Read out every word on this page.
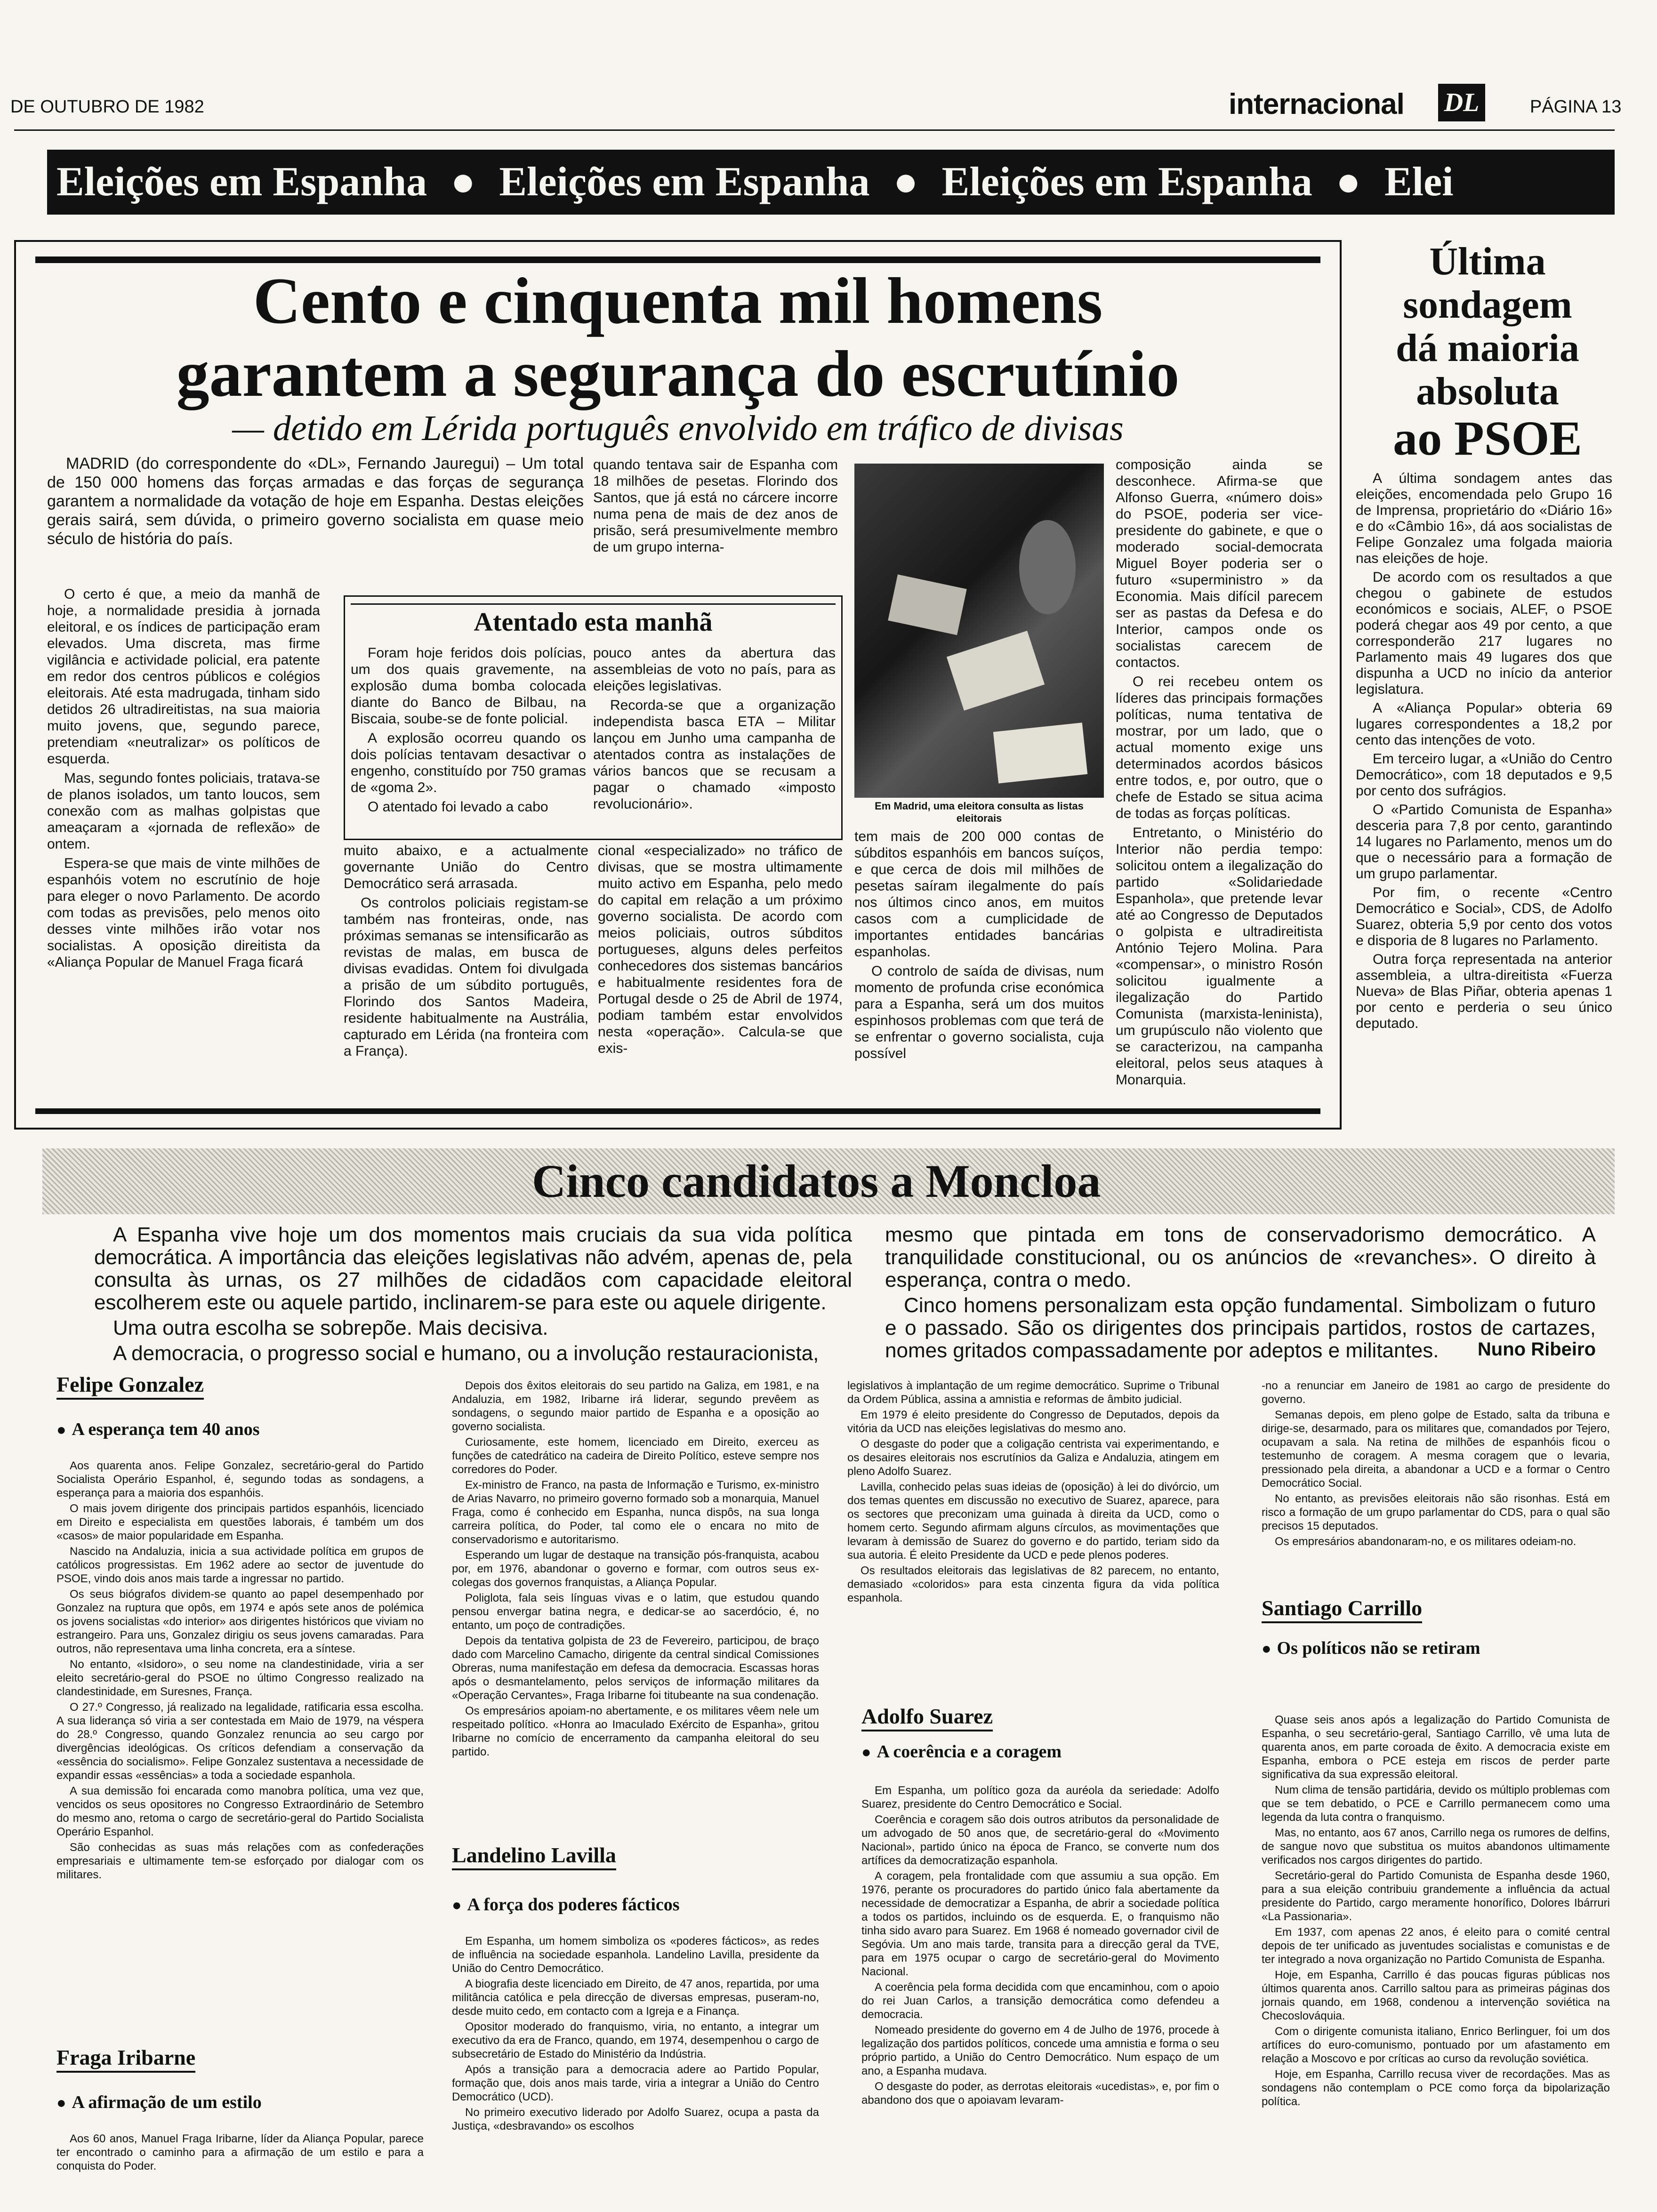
DE OUTUBRO DE 1982	internacional DL	PÁGINA 13
Eleições em Espanha ● Eleições em Espanha ● Eleições em Espanha ● Elei
Cento e cinquenta mil homens
garantem a segurança do escrutínio
— detido em Lérida português envolvido em tráfico de divisas

MADRID (do correspondente do «DL», Fernando Jauregui) – Um total de 150 000 homens das forças armadas e das forças de segurança garantem a normalidade da votação de hoje em Espanha. Destas eleições gerais sairá, sem dúvida, o primeiro governo socialista em quase meio século de história do país.

O certo é que, a meio da manhã de hoje, a normalidade presidia à jornada eleitoral, e os índices de participação eram elevados. Uma discreta, mas firme vigilância e actividade policial, era patente em redor dos centros públicos e colégios eleitorais. Até esta madrugada, tinham sido detidos 26 ultradireitistas, na sua maioria muito jovens, que, segundo parece, pretendiam «neutralizar» os políticos de esquerda.

Mas, segundo fontes policiais, tratava-se de planos isolados, um tanto loucos, sem conexão com as malhas golpistas que ameaçaram a «jornada de reflexão» de ontem.

Espera-se que mais de vinte milhões de espanhóis votem no escrutínio de hoje para eleger o novo Parlamento. De acordo com todas as previsões, pelo menos oito desses vinte milhões irão votar nos socialistas. A oposição direitista da «Aliança Popular de Manuel Fraga ficará

quando tentava sair de Espanha com 18 milhões de pesetas. Florindo dos Santos, que já está no cárcere incorre numa pena de mais de dez anos de prisão, será presumivelmente membro de um grupo interna-

Atentado esta manhã

Foram hoje feridos dois polícias, um dos quais gravemente, na explosão duma bomba colocada diante do Banco de Bilbau, na Biscaia, soube-se de fonte policial.

A explosão ocorreu quando os dois polícias tentavam desactivar o engenho, constituído por 750 gramas de «goma 2».

O atentado foi levado a cabo

pouco antes da abertura das assembleias de voto no país, para as eleições legislativas.

Recorda-se que a organização independista basca ETA – Militar lançou em Junho uma campanha de atentados contra as instalações de vários bancos que se recusam a pagar o chamado «imposto revolucionário».

muito abaixo, e a actualmente governante União do Centro Democrático será arrasada.

Os controlos policiais registam-se também nas fronteiras, onde, nas próximas semanas se intensificarão as revistas de malas, em busca de divisas evadidas. Ontem foi divulgada a prisão de um súbdito português, Florindo dos Santos Madeira, residente habitualmente na Austrália, capturado em Lérida (na fronteira com a França).

cional «especializado» no tráfico de divisas, que se mostra ultimamente muito activo em Espanha, pelo medo do capital em relação a um próximo governo socialista. De acordo com meios policiais, outros súbditos portugueses, alguns deles perfeitos conhecedores dos sistemas bancários e habitualmente residentes fora de Portugal desde o 25 de Abril de 1974, podiam também estar envolvidos nesta «operação». Calcula-se que exis-

Em Madrid, uma eleitora consulta as listas eleitorais

tem mais de 200 000 contas de súbditos espanhóis em bancos suíços, e que cerca de dois mil milhões de pesetas saíram ilegalmente do país nos últimos cinco anos, em muitos casos com a cumplicidade de importantes entidades bancárias espanholas.

O controlo de saída de divisas, num momento de profunda crise económica para a Espanha, será um dos muitos espinhosos problemas com que terá de se enfrentar o governo socialista, cuja possível

composição ainda se desconhece. Afirma-se que Alfonso Guerra, «número dois» do PSOE, poderia ser vice-presidente do gabinete, e que o moderado social-democrata Miguel Boyer poderia ser o futuro «superministro » da Economia. Mais difícil parecem ser as pastas da Defesa e do Interior, campos onde os socialistas carecem de contactos.

O rei recebeu ontem os líderes das principais formações políticas, numa tentativa de mostrar, por um lado, que o actual momento exige uns determinados acordos básicos entre todos, e, por outro, que o chefe de Estado se situa acima de todas as forças políticas.

Entretanto, o Ministério do Interior não perdia tempo: solicitou ontem a ilegalização do partido «Solidariedade Espanhola», que pretende levar até ao Congresso de Deputados o golpista e ultradireitista António Tejero Molina. Para «compensar», o ministro Rosón solicitou igualmente a ilegalização do Partido Comunista (marxista-leninista), um grupúsculo não violento que se caracterizou, na campanha eleitoral, pelos seus ataques à Monarquia.

Última
sondagem
dá maioria
absoluta
ao PSOE

A última sondagem antes das eleições, encomendada pelo Grupo 16 de Imprensa, proprietário do «Diário 16» e do «Câmbio 16», dá aos socialistas de Felipe Gonzalez uma folgada maioria nas eleições de hoje.

De acordo com os resultados a que chegou o gabinete de estudos económicos e sociais, ALEF, o PSOE poderá chegar aos 49 por cento, a que corresponderão 217 lugares no Parlamento mais 49 lugares dos que dispunha a UCD no início da anterior legislatura.

A «Aliança Popular» obteria 69 lugares correspondentes a 18,2 por cento das intenções de voto.

Em terceiro lugar, a «União do Centro Democrático», com 18 deputados e 9,5 por cento dos sufrágios.

O «Partido Comunista de Espanha» desceria para 7,8 por cento, garantindo 14 lugares no Parlamento, menos um do que o necessário para a formação de um grupo parlamentar.

Por fim, o recente «Centro Democrático e Social», CDS, de Adolfo Suarez, obteria 5,9 por cento dos votos e disporia de 8 lugares no Parlamento.

Outra força representada na anterior assembleia, a ultra-direitista «Fuerza Nueva» de Blas Piñar, obteria apenas 1 por cento e perderia o seu único deputado.

Cinco candidatos a Moncloa

A Espanha vive hoje um dos momentos mais cruciais da sua vida política democrática. A importância das eleições legislativas não advém, apenas de, pela consulta às urnas, os 27 milhões de cidadãos com capacidade eleitoral escolherem este ou aquele partido, inclinarem-se para este ou aquele dirigente.

Uma outra escolha se sobrepõe. Mais decisiva.

A democracia, o progresso social e humano, ou a involução restauracionista,

mesmo que pintada em tons de conservadorismo democrático. A tranquilidade constitucional, ou os anúncios de «revanches». O direito à esperança, contra o medo.

Cinco homens personalizam esta opção fundamental. Simbolizam o futuro e o passado. São os dirigentes dos principais partidos, rostos de cartazes, nomes gritados compassadamente por adeptos e militantes.	Nuno Ribeiro
Felipe Gonzalez
● A esperança tem 40 anos

Aos quarenta anos. Felipe Gonzalez, secretário-geral do Partido Socialista Operário Espanhol, é, segundo todas as sondagens, a esperança para a maioria dos espanhóis.

O mais jovem dirigente dos principais partidos espanhóis, licenciado em Direito e especialista em questões laborais, é também um dos «casos» de maior popularidade em Espanha.

Nascido na Andaluzia, inicia a sua actividade política em grupos de católicos progressistas. Em 1962 adere ao sector de juventude do PSOE, vindo dois anos mais tarde a ingressar no partido.

Os seus biógrafos dividem-se quanto ao papel desempenhado por Gonzalez na ruptura que opôs, em 1974 e após sete anos de polémica os jovens socialistas «do interior» aos dirigentes históricos que viviam no estrangeiro. Para uns, Gonzalez dirigiu os seus jovens camaradas. Para outros, não representava uma linha concreta, era a síntese.

No entanto, «Isidoro», o seu nome na clandestinidade, viria a ser eleito secretário-geral do PSOE no último Congresso realizado na clandestinidade, em Suresnes, França.

O 27.º Congresso, já realizado na legalidade, ratificaria essa escolha. A sua liderança só viria a ser contestada em Maio de 1979, na véspera do 28.º Congresso, quando Gonzalez renuncia ao seu cargo por divergências ideológicas. Os críticos defendiam a conservação da «essência do socialismo». Felipe Gonzalez sustentava a necessidade de expandir essas «essências» a toda a sociedade espanhola.

A sua demissão foi encarada como manobra política, uma vez que, vencidos os seus opositores no Congresso Extraordinário de Setembro do mesmo ano, retoma o cargo de secretário-geral do Partido Socialista Operário Espanhol.

São conhecidas as suas más relações com as confederações empresariais e ultimamente tem-se esforçado por dialogar com os militares.

Fraga Iribarne
● A afirmação de um estilo

Aos 60 anos, Manuel Fraga Iribarne, líder da Aliança Popular, parece ter encontrado o caminho para a afirmação de um estilo e para a conquista do Poder.

Depois dos êxitos eleitorais do seu partido na Galiza, em 1981, e na Andaluzia, em 1982, Iribarne irá liderar, segundo prevêem as sondagens, o segundo maior partido de Espanha e a oposição ao governo socialista.

Curiosamente, este homem, licenciado em Direito, exerceu as funções de catedrático na cadeira de Direito Político, esteve sempre nos corredores do Poder.

Ex-ministro de Franco, na pasta de Informação e Turismo, ex-ministro de Arias Navarro, no primeiro governo formado sob a monarquia, Manuel Fraga, como é conhecido em Espanha, nunca dispôs, na sua longa carreira política, do Poder, tal como ele o encara no mito de conservadorismo e autoritarismo.

Esperando um lugar de destaque na transição pós-franquista, acabou por, em 1976, abandonar o governo e formar, com outros seus ex-colegas dos governos franquistas, a Aliança Popular.

Poliglota, fala seis línguas vivas e o latim, que estudou quando pensou envergar batina negra, e dedicar-se ao sacerdócio, é, no entanto, um poço de contradições.

Depois da tentativa golpista de 23 de Fevereiro, participou, de braço dado com Marcelino Camacho, dirigente da central sindical Comissiones Obreras, numa manifestação em defesa da democracia. Escassas horas após o desmantelamento, pelos serviços de informação militares da «Operação Cervantes», Fraga Iribarne foi titubeante na sua condenação.

Os empresários apoiam-no abertamente, e os militares vêem nele um respeitado político. «Honra ao Imaculado Exército de Espanha», gritou Iribarne no comício de encerramento da campanha eleitoral do seu partido.

Landelino Lavilla
● A força dos poderes fácticos

Em Espanha, um homem simboliza os «poderes fácticos», as redes de influência na sociedade espanhola. Landelino Lavilla, presidente da União do Centro Democrático.

A biografia deste licenciado em Direito, de 47 anos, repartida, por uma militância católica e pela direcção de diversas empresas, puseram-no, desde muito cedo, em contacto com a Igreja e a Finança.

Opositor moderado do franquismo, viria, no entanto, a integrar um executivo da era de Franco, quando, em 1974, desempenhou o cargo de subsecretário de Estado do Ministério da Indústria.

Após a transição para a democracia adere ao Partido Popular, formação que, dois anos mais tarde, viria a integrar a União do Centro Democrático (UCD).

No primeiro executivo liderado por Adolfo Suarez, ocupa a pasta da Justiça, «desbravando» os escolhos

legislativos à implantação de um regime democrático. Suprime o Tribunal da Ordem Pública, assina a amnistia e reformas de âmbito judicial.

Em 1979 é eleito presidente do Congresso de Deputados, depois da vitória da UCD nas eleições legislativas do mesmo ano.

O desgaste do poder que a coligação centrista vai experimentando, e os desaires eleitorais nos escrutínios da Galiza e Andaluzia, atingem em pleno Adolfo Suarez.

Lavilla, conhecido pelas suas ideias de (oposição) à lei do divórcio, um dos temas quentes em discussão no executivo de Suarez, aparece, para os sectores que preconizam uma guinada à direita da UCD, como o homem certo. Segundo afirmam alguns círculos, as movimentações que levaram à demissão de Suarez do governo e do partido, teriam sido da sua autoria. É eleito Presidente da UCD e pede plenos poderes.

Os resultados eleitorais das legislativas de 82 parecem, no entanto, demasiado «coloridos» para esta cinzenta figura da vida política espanhola.

Adolfo Suarez
● A coerência e a coragem

Em Espanha, um político goza da auréola da seriedade: Adolfo Suarez, presidente do Centro Democrático e Social.

Coerência e coragem são dois outros atributos da personalidade de um advogado de 50 anos que, de secretário-geral do «Movimento Nacional», partido único na época de Franco, se converte num dos artífices da democratização espanhola.

A coragem, pela frontalidade com que assumiu a sua opção. Em 1976, perante os procuradores do partido único fala abertamente da necessidade de democratizar a Espanha, de abrir a sociedade política a todos os partidos, incluindo os de esquerda. E, o franquismo não tinha sido avaro para Suarez. Em 1968 é nomeado governador civil de Segóvia. Um ano mais tarde, transita para a direcção geral da TVE, para em 1975 ocupar o cargo de secretário-geral do Movimento Nacional.

A coerência pela forma decidida com que encaminhou, com o apoio do rei Juan Carlos, a transição democrática como defendeu a democracia.

Nomeado presidente do governo em 4 de Julho de 1976, procede à legalização dos partidos políticos, concede uma amnistia e forma o seu próprio partido, a União do Centro Democrático. Num espaço de um ano, a Espanha mudava.

O desgaste do poder, as derrotas eleitorais «ucedistas», e, por fim o abandono dos que o apoiavam levaram-

-no a renunciar em Janeiro de 1981 ao cargo de presidente do governo.

Semanas depois, em pleno golpe de Estado, salta da tribuna e dirige-se, desarmado, para os militares que, comandados por Tejero, ocupavam a sala. Na retina de milhões de espanhóis ficou o testemunho de coragem. A mesma coragem que o levaria, pressionado pela direita, a abandonar a UCD e a formar o Centro Democrático Social.

No entanto, as previsões eleitorais não são risonhas. Está em risco a formação de um grupo parlamentar do CDS, para o qual são precisos 15 deputados.

Os empresários abandonaram-no, e os militares odeiam-no.

Santiago Carrillo
● Os políticos não se retiram

Quase seis anos após a legalização do Partido Comunista de Espanha, o seu secretário-geral, Santiago Carrillo, vê uma luta de quarenta anos, em parte coroada de êxito. A democracia existe em Espanha, embora o PCE esteja em riscos de perder parte significativa da sua expressão eleitoral.

Num clima de tensão partidária, devido os múltiplo problemas com que se tem debatido, o PCE e Carrillo permanecem como uma legenda da luta contra o franquismo.

Mas, no entanto, aos 67 anos, Carrillo nega os rumores de delfins, de sangue novo que substitua os muitos abandonos ultimamente verificados nos cargos dirigentes do partido.

Secretário-geral do Partido Comunista de Espanha desde 1960, para a sua eleição contribuiu grandemente a influência da actual presidente do Partido, cargo meramente honorífico, Dolores Ibárruri «La Passionaria».

Em 1937, com apenas 22 anos, é eleito para o comité central depois de ter unificado as juventudes socialistas e comunistas e de ter integrado a nova organização no Partido Comunista de Espanha.

Hoje, em Espanha, Carrillo é das poucas figuras públicas nos últimos quarenta anos. Carrillo saltou para as primeiras páginas dos jornais quando, em 1968, condenou a intervenção soviética na Checoslováquia.

Com o dirigente comunista italiano, Enrico Berlinguer, foi um dos artífices do euro-comunismo, pontuado por um afastamento em relação a Moscovo e por críticas ao curso da revolução soviética.

Hoje, em Espanha, Carrillo recusa viver de recordações. Mas as sondagens não contemplam o PCE como força da bipolarização política.
